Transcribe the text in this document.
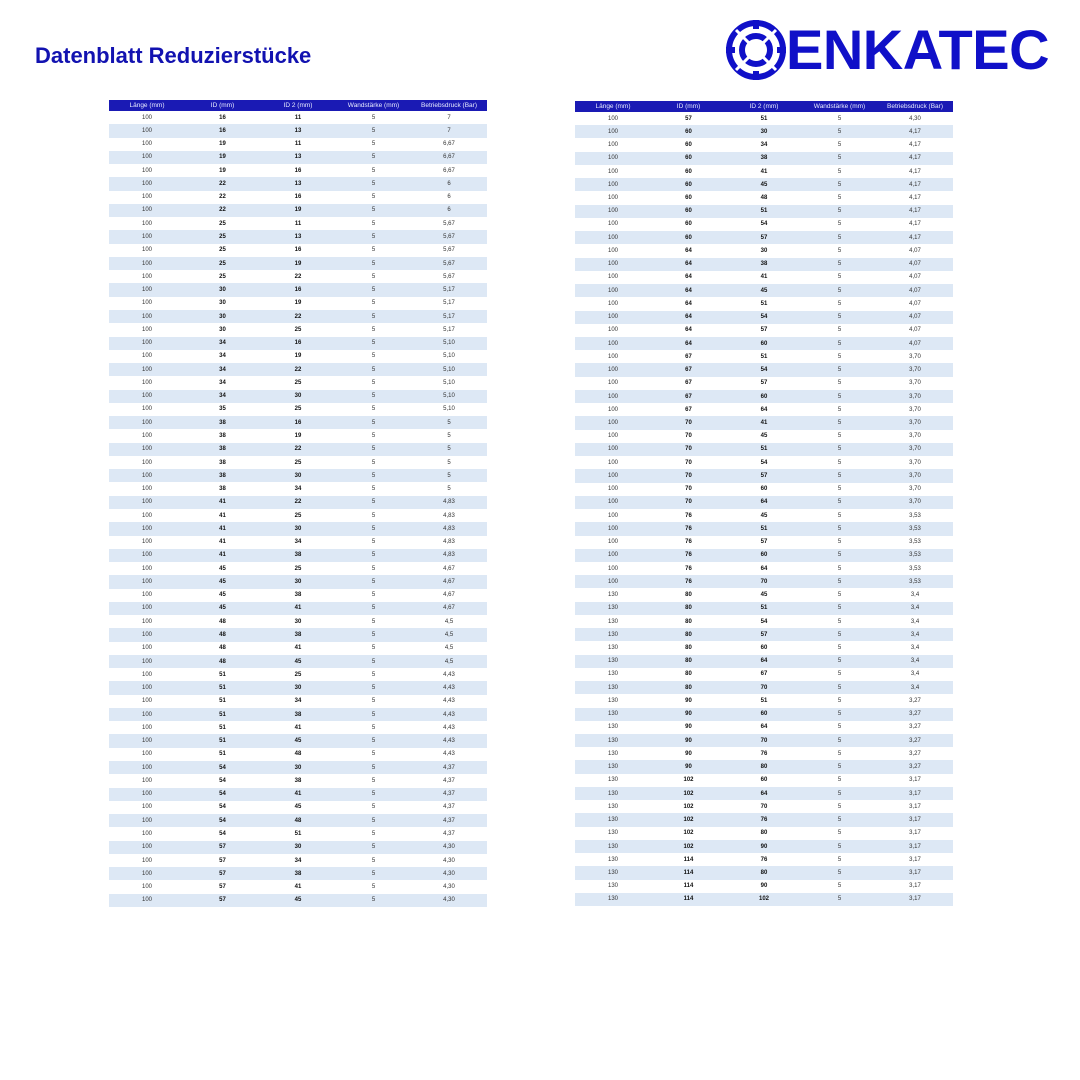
Datenblatt Reduzierstücke	ENKATEC
Länge (mm)	ID (mm)	ID 2 (mm)	Wandstärke (mm)	Betriebsdruck (Bar)
100	16	11	5	7
100	16	13	5	7
100	19	11	5	6,67
100	19	13	5	6,67
100	19	16	5	6,67
100	22	13	5	6
100	22	16	5	6
100	22	19	5	6
100	25	11	5	5,67
100	25	13	5	5,67
100	25	16	5	5,67
100	25	19	5	5,67
100	25	22	5	5,67
100	30	16	5	5,17
100	30	19	5	5,17
100	30	22	5	5,17
100	30	25	5	5,17
100	34	16	5	5,10
100	34	19	5	5,10
100	34	22	5	5,10
100	34	25	5	5,10
100	34	30	5	5,10
100	35	25	5	5,10
100	38	16	5	5
100	38	19	5	5
100	38	22	5	5
100	38	25	5	5
100	38	30	5	5
100	38	34	5	5
100	41	22	5	4,83
100	41	25	5	4,83
100	41	30	5	4,83
100	41	34	5	4,83
100	41	38	5	4,83
100	45	25	5	4,67
100	45	30	5	4,67
100	45	38	5	4,67
100	45	41	5	4,67
100	48	30	5	4,5
100	48	38	5	4,5
100	48	41	5	4,5
100	48	45	5	4,5
100	51	25	5	4,43
100	51	30	5	4,43
100	51	34	5	4,43
100	51	38	5	4,43
100	51	41	5	4,43
100	51	45	5	4,43
100	51	48	5	4,43
100	54	30	5	4,37
100	54	38	5	4,37
100	54	41	5	4,37
100	54	45	5	4,37
100	54	48	5	4,37
100	54	51	5	4,37
100	57	30	5	4,30
100	57	34	5	4,30
100	57	38	5	4,30
100	57	41	5	4,30
100	57	45	5	4,30
Länge (mm)	ID (mm)	ID 2 (mm)	Wandstärke (mm)	Betriebsdruck (Bar)
100	57	51	5	4,30
100	60	30	5	4,17
100	60	34	5	4,17
100	60	38	5	4,17
100	60	41	5	4,17
100	60	45	5	4,17
100	60	48	5	4,17
100	60	51	5	4,17
100	60	54	5	4,17
100	60	57	5	4,17
100	64	30	5	4,07
100	64	38	5	4,07
100	64	41	5	4,07
100	64	45	5	4,07
100	64	51	5	4,07
100	64	54	5	4,07
100	64	57	5	4,07
100	64	60	5	4,07
100	67	51	5	3,70
100	67	54	5	3,70
100	67	57	5	3,70
100	67	60	5	3,70
100	67	64	5	3,70
100	70	41	5	3,70
100	70	45	5	3,70
100	70	51	5	3,70
100	70	54	5	3,70
100	70	57	5	3,70
100	70	60	5	3,70
100	70	64	5	3,70
100	76	45	5	3,53
100	76	51	5	3,53
100	76	57	5	3,53
100	76	60	5	3,53
100	76	64	5	3,53
100	76	70	5	3,53
130	80	45	5	3,4
130	80	51	5	3,4
130	80	54	5	3,4
130	80	57	5	3,4
130	80	60	5	3,4
130	80	64	5	3,4
130	80	67	5	3,4
130	80	70	5	3,4
130	90	51	5	3,27
130	90	60	5	3,27
130	90	64	5	3,27
130	90	70	5	3,27
130	90	76	5	3,27
130	90	80	5	3,27
130	102	60	5	3,17
130	102	64	5	3,17
130	102	70	5	3,17
130	102	76	5	3,17
130	102	80	5	3,17
130	102	90	5	3,17
130	114	76	5	3,17
130	114	80	5	3,17
130	114	90	5	3,17
130	114	102	5	3,17
